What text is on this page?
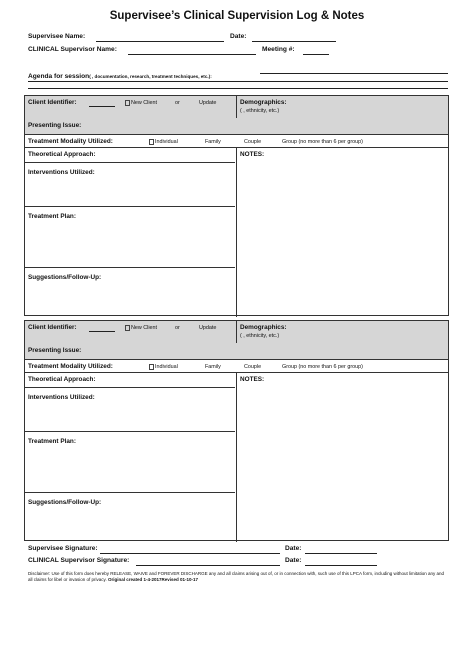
Supervisee’s Clinical Supervision Log & Notes
Supervisee Name:	Date:
CLINICAL Supervisor Name:	Meeting #:
Agenda for session( , documentation, research, treatment techniques, etc.):
Client Identifier:	New Client	or	Update	Demographics:
( , ethnicity, etc.)
Presenting Issue:
Treatment Modality Utilized:	Individual	Family	Couple	Group (no more than 6 per group)
Theoretical Approach:	NOTES:
Interventions Utilized:
Treatment Plan:
Suggestions/Follow-Up:
Client Identifier:	New Client	or	Update	Demographics:
( , ethnicity, etc.)
Presenting Issue:
Treatment Modality Utilized:	Individual	Family	Couple	Group (no more than 6 per group)
Theoretical Approach:	NOTES:
Interventions Utilized:
Treatment Plan:
Suggestions/Follow-Up:
Supervisee Signature:	Date:
CLINICAL Supervisor Signature:	Date:
Disclaimer: Use of this form does hereby RELEASE, WAIVE and FOREVER DISCHARGE any and all claims arising out of, or in connection with, such use of this LPCA form, including without limitation any and all claims for libel or invasion of privacy. Original created 1-4-2017Revised 01-10-17
